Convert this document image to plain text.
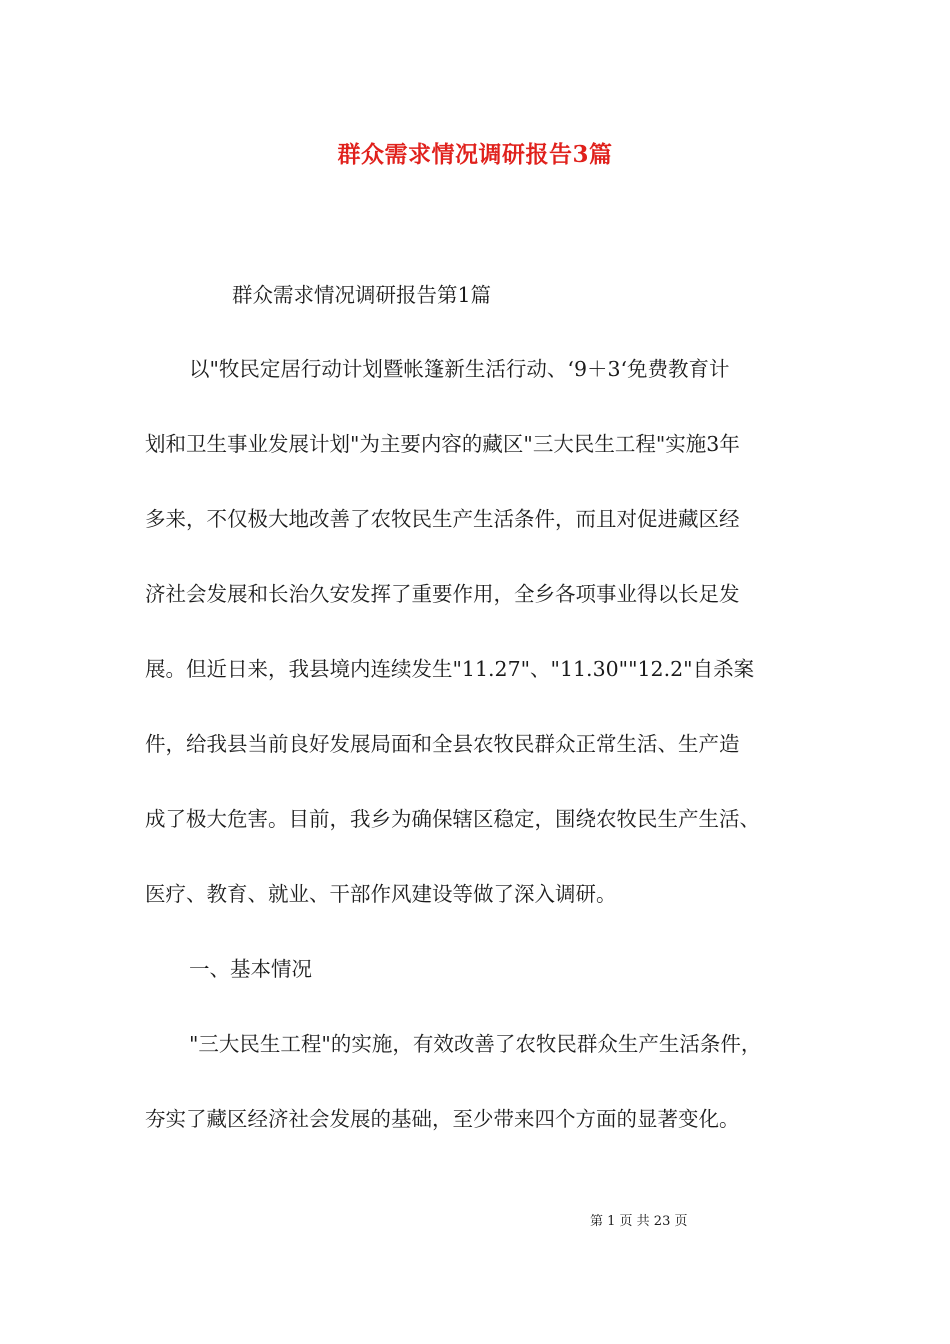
群众需求情况调研报告3篇

群众需求情况调研报告第1篇

以"牧民定居行动计划暨帐篷新生活行动、‘9＋3‘免费教育计

划和卫生事业发展计划"为主要内容的藏区"三大民生工程"实施3年

多来，不仅极大地改善了农牧民生产生活条件，而且对促进藏区经

济社会发展和长治久安发挥了重要作用，全乡各项事业得以长足发

展。但近日来，我县境内连续发生"11.27"、"11.30""12.2"自杀案

件，给我县当前良好发展局面和全县农牧民群众正常生活、生产造

成了极大危害。目前，我乡为确保辖区稳定，围绕农牧民生产生活、

医疗、教育、就业、干部作风建设等做了深入调研。

一、基本情况

"三大民生工程"的实施，有效改善了农牧民群众生产生活条件，

夯实了藏区经济社会发展的基础，至少带来四个方面的显著变化。

第 1 页 共 23 页
